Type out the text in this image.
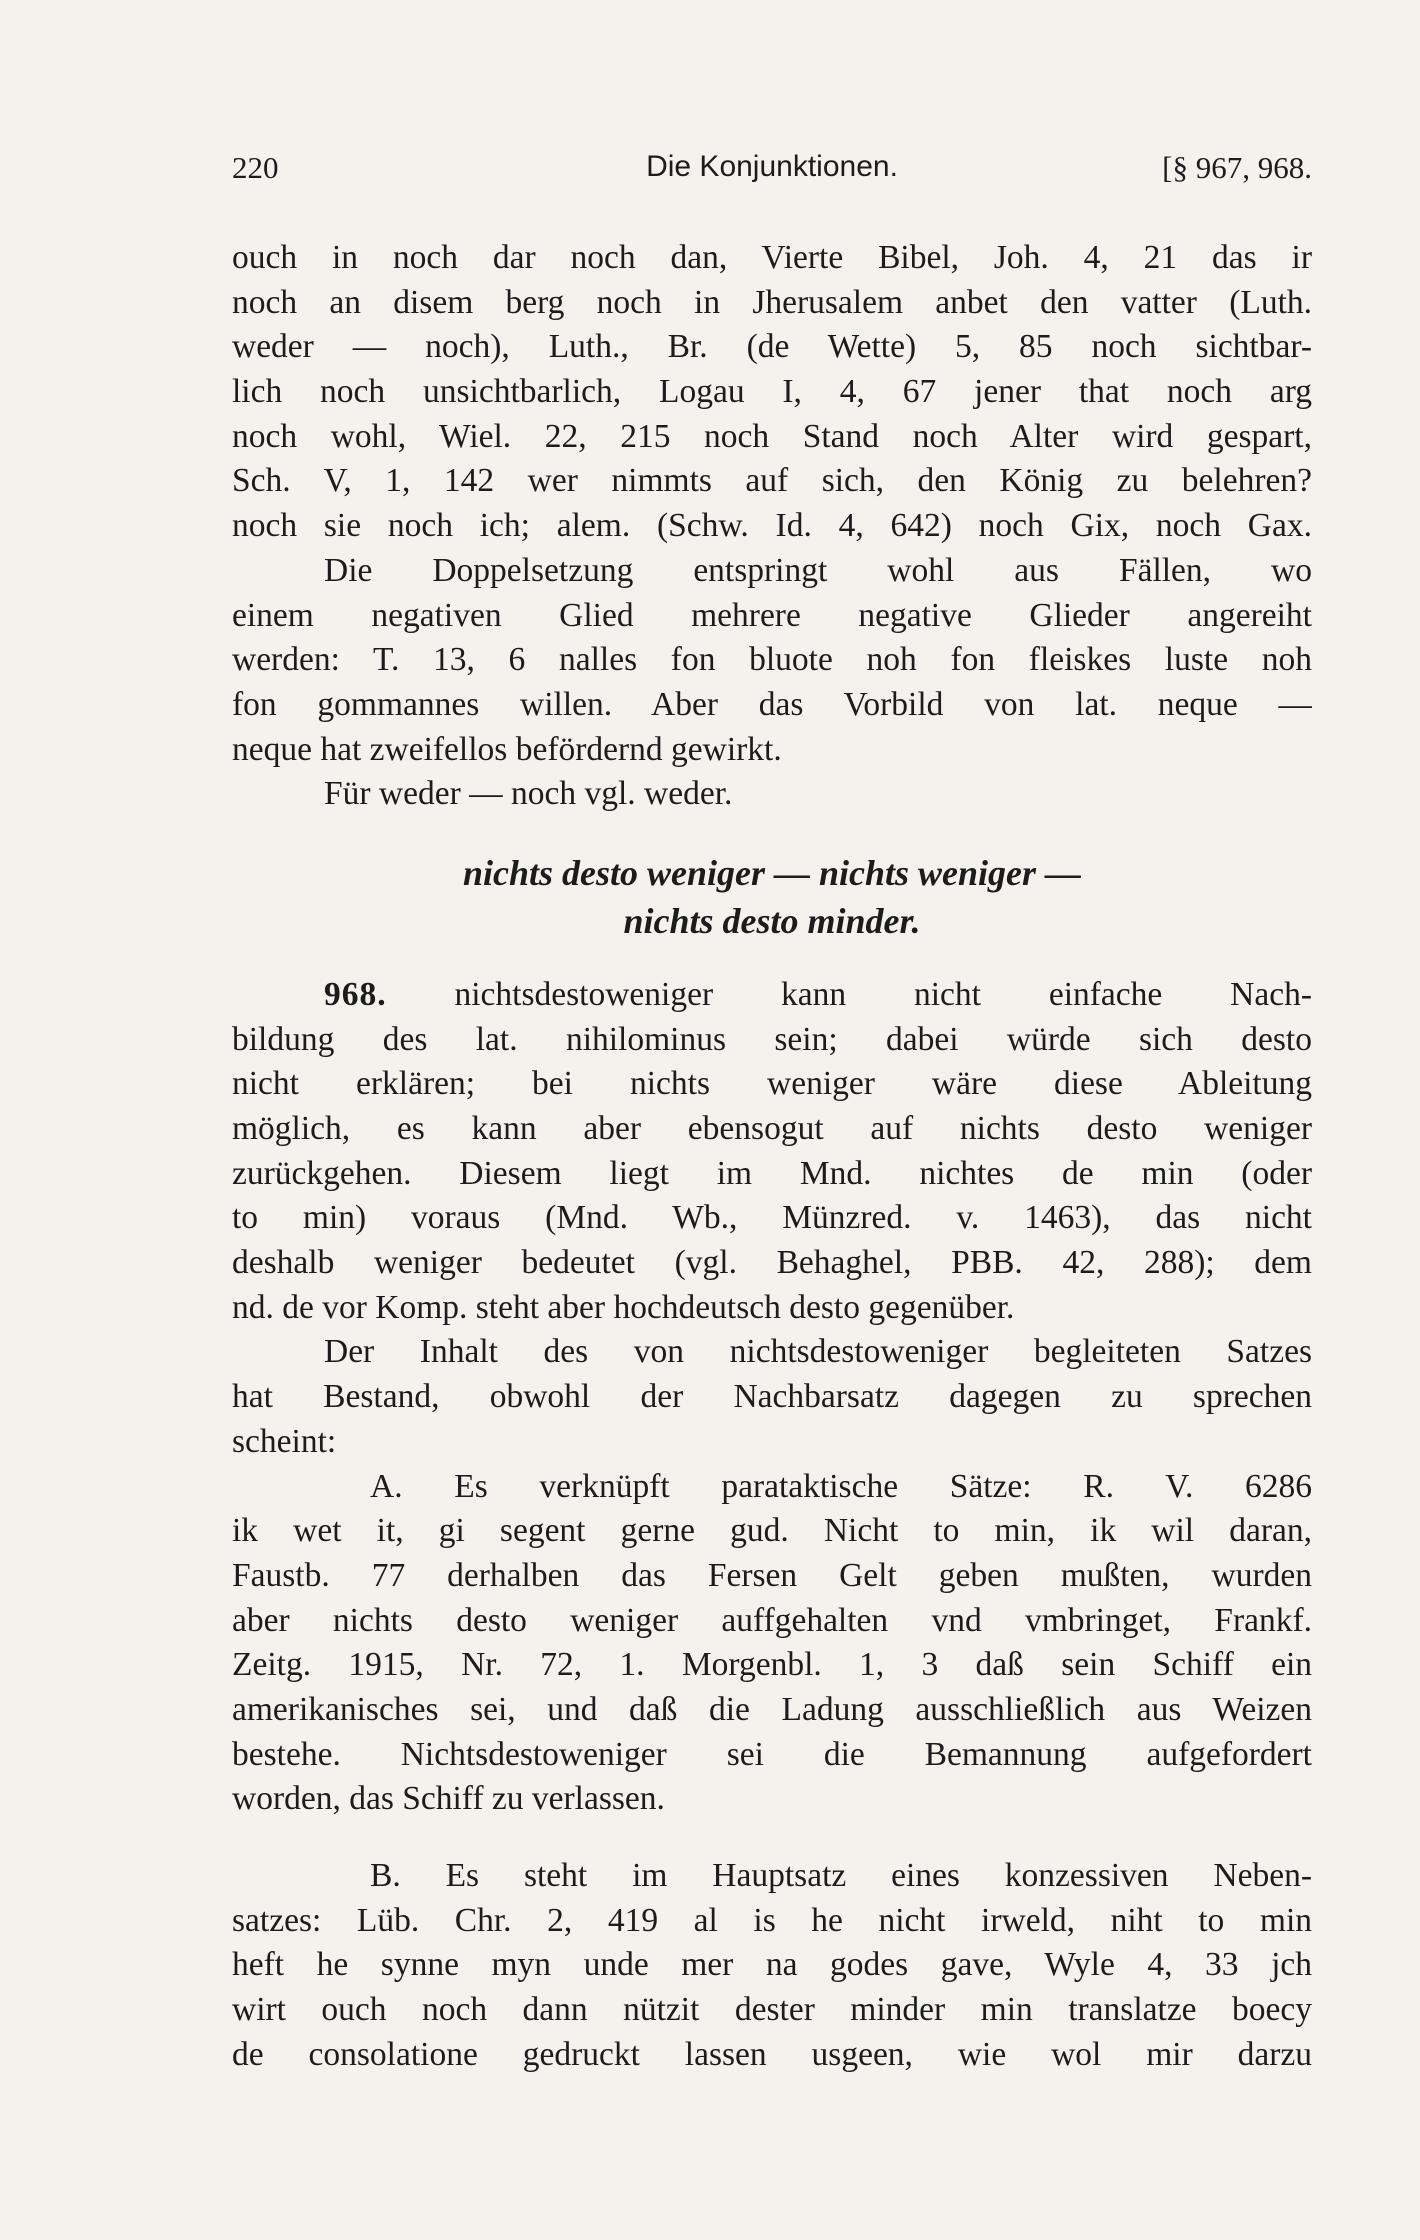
220	Die Konjunktionen.	[§ 967, 968.
ouch in noch dar noch dan, Vierte Bibel, Joh. 4, 21 das ir
noch an disem berg noch in Jherusalem anbet den vatter (Luth.
weder — noch), Luth., Br. (de Wette) 5, 85 noch sichtbar-
lich noch unsichtbarlich, Logau I, 4, 67 jener that noch arg
noch wohl, Wiel. 22, 215 noch Stand noch Alter wird gespart,
Sch. V, 1, 142 wer nimmts auf sich, den König zu belehren?
noch sie noch ich; alem. (Schw. Id. 4, 642) noch Gix, noch Gax.
Die Doppelsetzung entspringt wohl aus Fällen, wo
einem negativen Glied mehrere negative Glieder angereiht
werden: T. 13, 6 nalles fon bluote noh fon fleiskes luste noh
fon gommannes willen. Aber das Vorbild von lat. neque —
neque hat zweifellos befördernd gewirkt.
Für weder — noch vgl. weder.
nichts desto weniger — nichts weniger —
nichts desto minder.
968. nichtsdestoweniger kann nicht einfache Nach-
bildung des lat. nihilominus sein; dabei würde sich desto
nicht erklären; bei nichts weniger wäre diese Ableitung
möglich, es kann aber ebensogut auf nichts desto weniger
zurückgehen. Diesem liegt im Mnd. nichtes de min (oder
to min) voraus (Mnd. Wb., Münzred. v. 1463), das nicht
deshalb weniger bedeutet (vgl. Behaghel, PBB. 42, 288); dem
nd. de vor Komp. steht aber hochdeutsch desto gegenüber.
Der Inhalt des von nichtsdestoweniger begleiteten Satzes
hat Bestand, obwohl der Nachbarsatz dagegen zu sprechen
scheint:
A. Es verknüpft parataktische Sätze: R. V. 6286
ik wet it, gi segent gerne gud. Nicht to min, ik wil daran,
Faustb. 77 derhalben das Fersen Gelt geben mußten, wurden
aber nichts desto weniger auffgehalten vnd vmbringet, Frankf.
Zeitg. 1915, Nr. 72, 1. Morgenbl. 1, 3 daß sein Schiff ein
amerikanisches sei, und daß die Ladung ausschließlich aus Weizen
bestehe. Nichtsdestoweniger sei die Bemannung aufgefordert
worden, das Schiff zu verlassen.
B. Es steht im Hauptsatz eines konzessiven Neben-
satzes: Lüb. Chr. 2, 419 al is he nicht irweld, niht to min
heft he synne myn unde mer na godes gave, Wyle 4, 33 jch
wirt ouch noch dann nützit dester minder min translatze boecy
de consolatione gedruckt lassen usgeen, wie wol mir darzu
